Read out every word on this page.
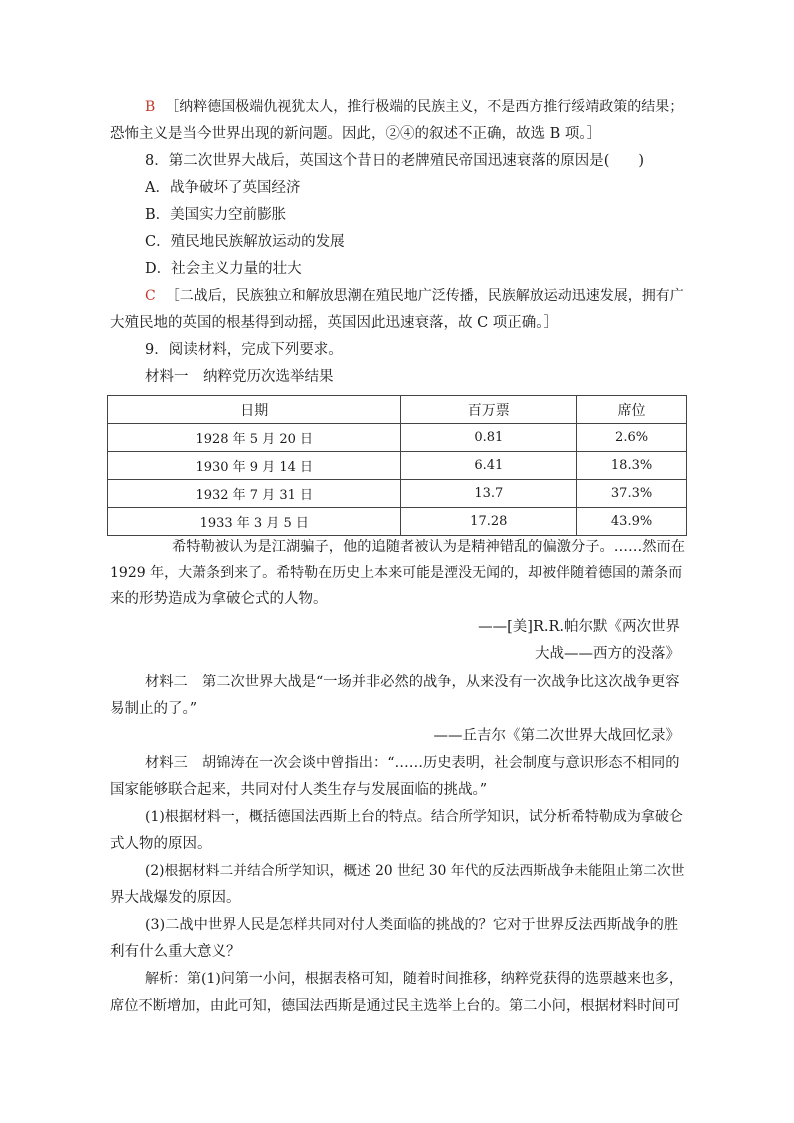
B ［纳粹德国极端仇视犹太人，推行极端的民族主义，不是西方推行绥靖政策的结果；
恐怖主义是当今世界出现的新问题。因此，②④的叙述不正确，故选 B 项。］
8．第二次世界大战后，英国这个昔日的老牌殖民帝国迅速衰落的原因是(　　)
A．战争破坏了英国经济
B．美国实力空前膨胀
C．殖民地民族解放运动的发展
D．社会主义力量的壮大
C ［二战后，民族独立和解放思潮在殖民地广泛传播，民族解放运动迅速发展，拥有广
大殖民地的英国的根基得到动摇，英国因此迅速衰落，故 C 项正确。］
9．阅读材料，完成下列要求。
材料一　纳粹党历次选举结果
日期	百万票	席位
1928 年 5 月 20 日	0.81	2.6%
1930 年 9 月 14 日	6.41	18.3%
1932 年 7 月 31 日	13.7	37.3%
1933 年 3 月 5 日	17.28	43.9%
希特勒被认为是江湖骗子，他的追随者被认为是精神错乱的偏激分子。……然而在
1929 年，大萧条到来了。希特勒在历史上本来可能是湮没无闻的，却被伴随着德国的萧条而
来的形势造成为拿破仑式的人物。
——[美]R.R.帕尔默《两次世界
大战——西方的没落》
材料二　第二次世界大战是“一场并非必然的战争，从来没有一次战争比这次战争更容
易制止的了。”
——丘吉尔《第二次世界大战回忆录》
材料三　胡锦涛在一次会谈中曾指出：“……历史表明，社会制度与意识形态不相同的
国家能够联合起来，共同对付人类生存与发展面临的挑战。”
(1)根据材料一，概括德国法西斯上台的特点。结合所学知识，试分析希特勒成为拿破仑
式人物的原因。
(2)根据材料二并结合所学知识，概述 20 世纪 30 年代的反法西斯战争未能阻止第二次世
界大战爆发的原因。
(3)二战中世界人民是怎样共同对付人类面临的挑战的？它对于世界反法西斯战争的胜
利有什么重大意义？
解析：第(1)问第一小问，根据表格可知，随着时间推移，纳粹党获得的选票越来也多，
席位不断增加，由此可知，德国法西斯是通过民主选举上台的。第二小问，根据材料时间可
